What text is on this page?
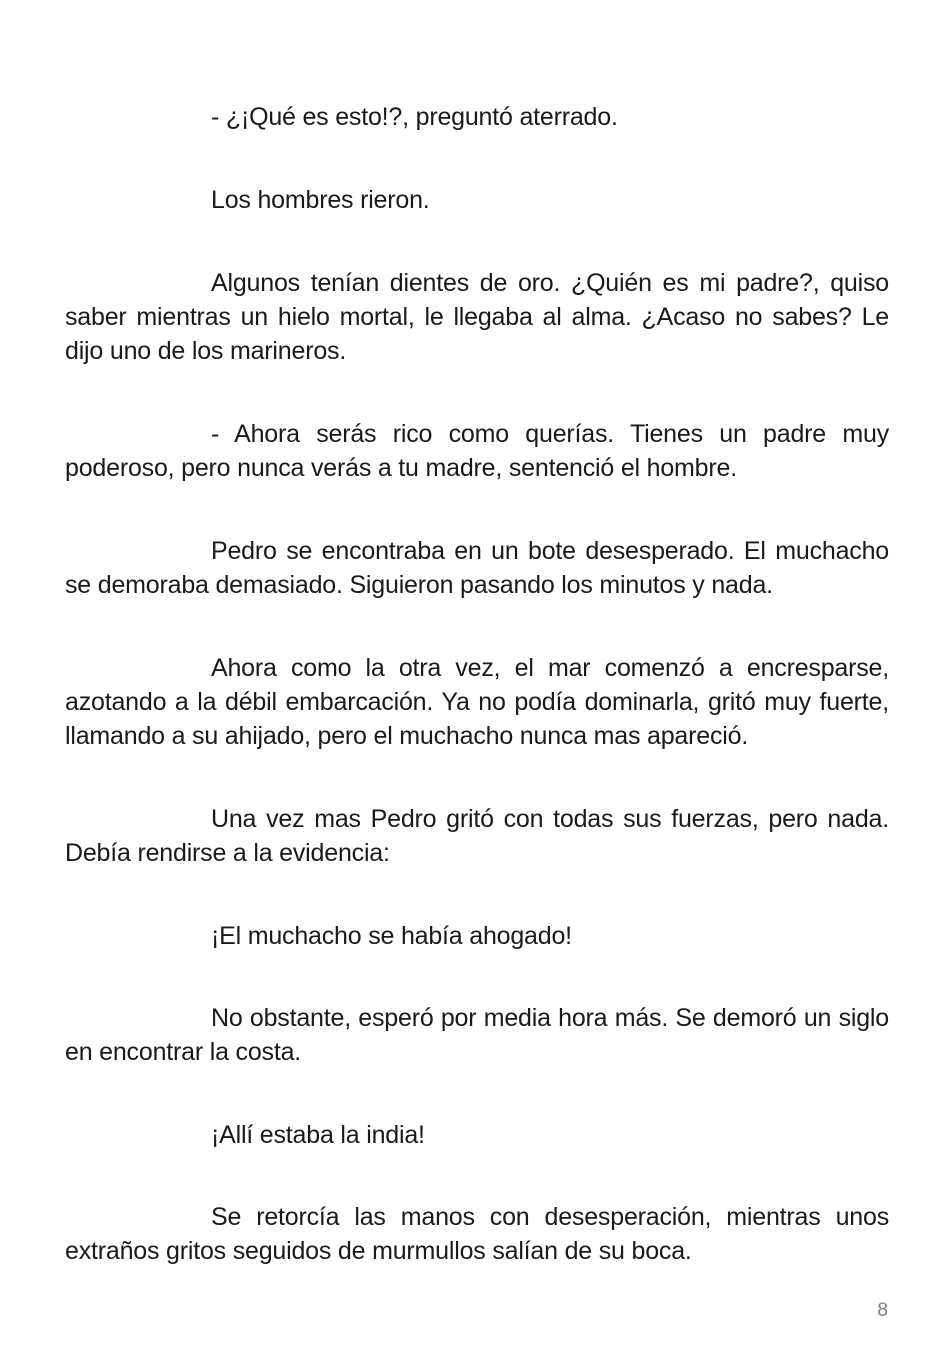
- ¿¡Qué es esto!?, preguntó aterrado.

Los hombres rieron.

Algunos tenían dientes de oro. ¿Quién es mi padre?, quiso saber mientras un hielo mortal, le llegaba al alma. ¿Acaso no sabes? Le dijo uno de los marineros.

- Ahora serás rico como querías. Tienes un padre muy poderoso, pero nunca verás a tu madre, sentenció el hombre.

Pedro se encontraba en un bote desesperado. El muchacho se demoraba demasiado. Siguieron pasando los minutos y nada.

Ahora como la otra vez, el mar comenzó a encresparse, azotando a la débil embarcación. Ya no podía dominarla, gritó muy fuerte, llamando a su ahijado, pero el muchacho nunca mas apareció.

Una vez mas Pedro gritó con todas sus fuerzas, pero nada. Debía rendirse a la evidencia:

¡El muchacho se había ahogado!

No obstante, esperó por media hora más. Se demoró un siglo en encontrar la costa.

¡Allí estaba la india!

Se retorcía las manos con desesperación, mientras unos extraños gritos seguidos de murmullos salían de su boca.

8
